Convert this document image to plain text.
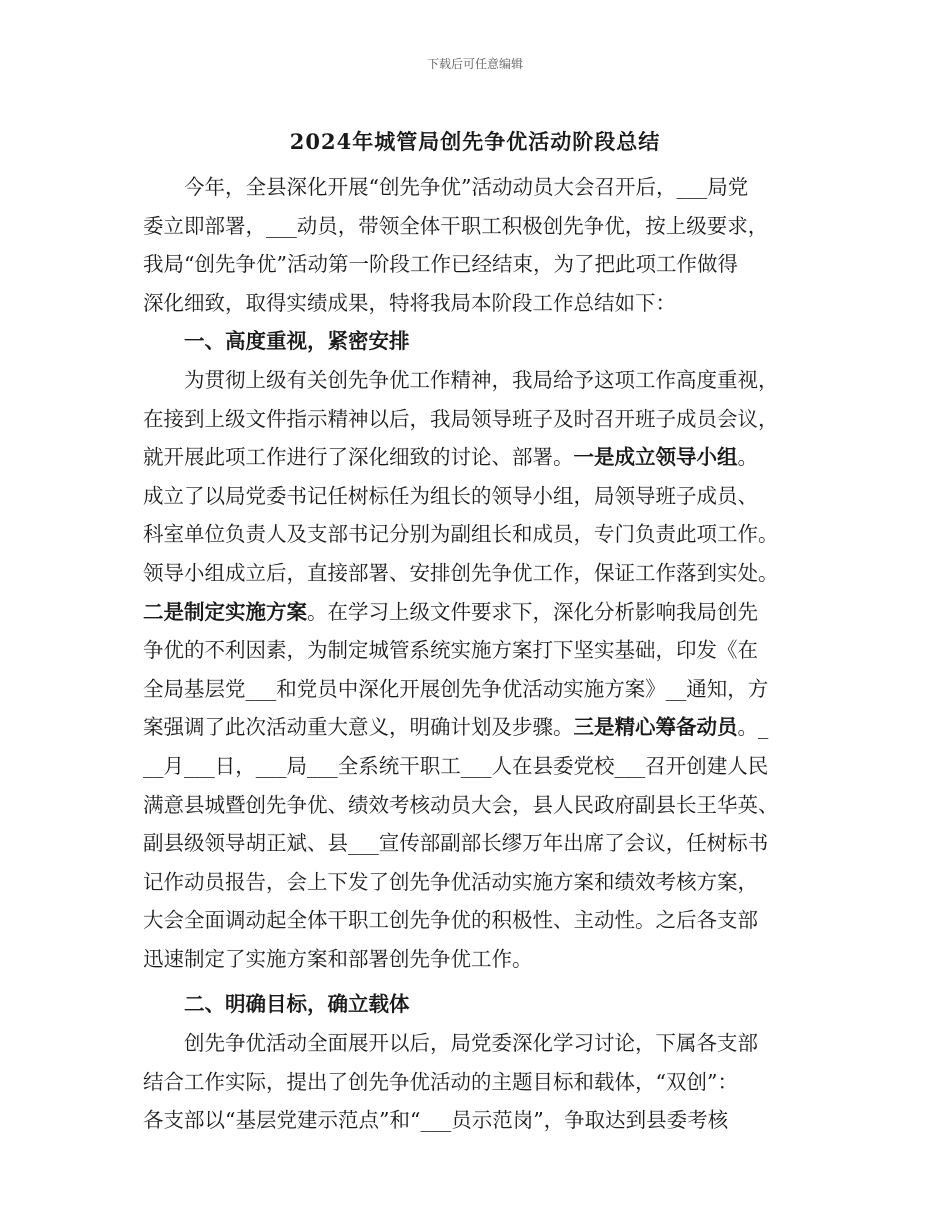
下载后可任意编辑
2024年城管局创先争优活动阶段总结
今年，全县深化开展“创先争优”活动动员大会召开后，___局党
委立即部署，___动员，带领全体干职工积极创先争优，按上级要求，
我局“创先争优”活动第一阶段工作已经结束，为了把此项工作做得
深化细致，取得实绩成果，特将我局本阶段工作总结如下：
一、高度重视，紧密安排
为贯彻上级有关创先争优工作精神，我局给予这项工作高度重视，
在接到上级文件指示精神以后，我局领导班子及时召开班子成员会议，
就开展此项工作进行了深化细致的讨论、部署。一是成立领导小组。
成立了以局党委书记任树标任为组长的领导小组，局领导班子成员、
科室单位负责人及支部书记分别为副组长和成员，专门负责此项工作。
领导小组成立后，直接部署、安排创先争优工作，保证工作落到实处。
二是制定实施方案。在学习上级文件要求下，深化分析影响我局创先
争优的不利因素，为制定城管系统实施方案打下坚实基础，印发《在
全局基层党___和党员中深化开展创先争优活动实施方案》__通知，方
案强调了此次活动重大意义，明确计划及步骤。三是精心筹备动员。_
__月___日，___局___全系统干职工___人在县委党校___召开创建人民
满意县城暨创先争优、绩效考核动员大会，县人民政府副县长王华英、
副县级领导胡正斌、县___宣传部副部长缪万年出席了会议，任树标书
记作动员报告，会上下发了创先争优活动实施方案和绩效考核方案，
大会全面调动起全体干职工创先争优的积极性、主动性。之后各支部
迅速制定了实施方案和部署创先争优工作。
二、明确目标，确立载体
创先争优活动全面展开以后，局党委深化学习讨论，下属各支部
结合工作实际，提出了创先争优活动的主题目标和载体，“双创”：
各支部以“基层党建示范点”和“___员示范岗”，争取达到县委考核
